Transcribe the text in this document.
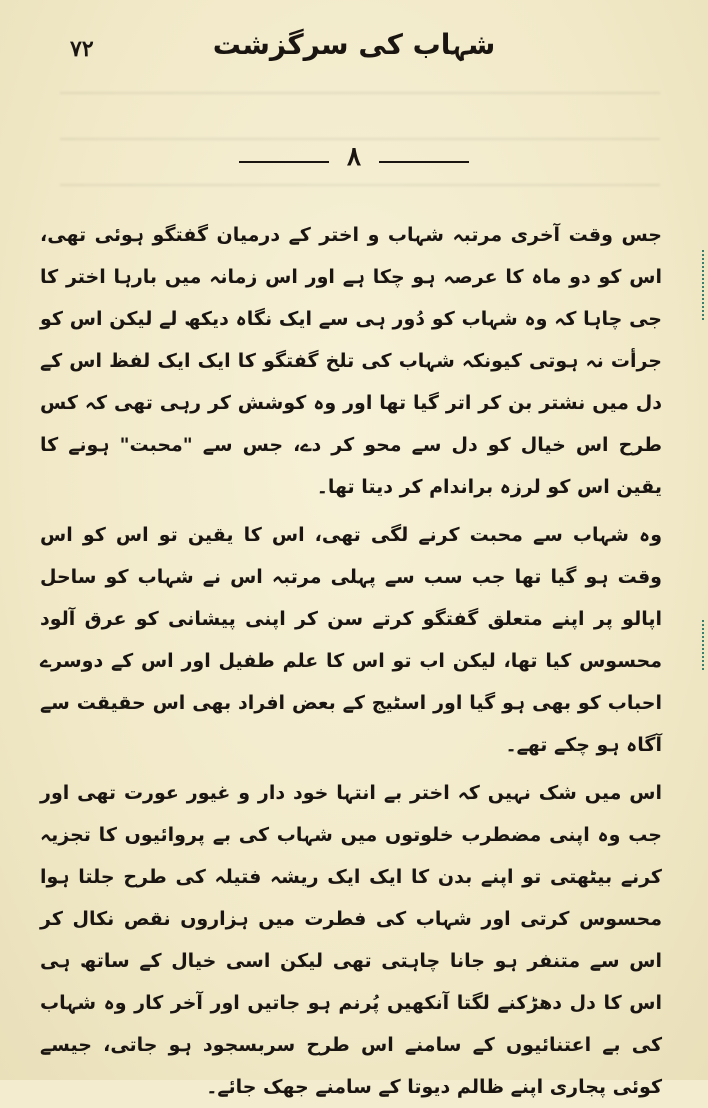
۷۲	شہاب کی سرگزشت
۸

جس وقت آخری مرتبہ شہاب و اختر کے درمیان گفتگو ہوئی تھی، اس کو دو ماہ کا عرصہ ہو چکا ہے اور اس زمانہ میں بارہا اختر کا جی چاہا کہ وہ شہاب کو دُور ہی سے ایک نگاہ دیکھ لے لیکن اس کو جرأت نہ ہوتی کیونکہ شہاب کی تلخ گفتگو کا ایک ایک لفظ اس کے دل میں نشتر بن کر اتر گیا تھا اور وہ کوشش کر رہی تھی کہ کس طرح اس خیال کو دل سے محو کر دے، جس سے "محبت" ہونے کا یقین اس کو لرزہ براندام کر دیتا تھا۔

وہ شہاب سے محبت کرنے لگی تھی، اس کا یقین تو اس کو اس وقت ہو گیا تھا جب سب سے پہلی مرتبہ اس نے شہاب کو ساحل اپالو پر اپنے متعلق گفتگو کرتے سن کر اپنی پیشانی کو عرق آلود محسوس کیا تھا، لیکن اب تو اس کا علم طفیل اور اس کے دوسرے احباب کو بھی ہو گیا اور اسٹیج کے بعض افراد بھی اس حقیقت سے آگاہ ہو چکے تھے۔

اس میں شک نہیں کہ اختر بے انتہا خود دار و غیور عورت تھی اور جب وہ اپنی مضطرب خلوتوں میں شہاب کی بے پروائیوں کا تجزیہ کرنے بیٹھتی تو اپنے بدن کا ایک ایک ریشہ فتیلہ کی طرح جلتا ہوا محسوس کرتی اور شہاب کی فطرت میں ہزاروں نقص نکال کر اس سے متنفر ہو جانا چاہتی تھی لیکن اسی خیال کے ساتھ ہی اس کا دل دھڑکنے لگتا آنکھیں پُرنم ہو جاتیں اور آخر کار وہ شہاب کی بے اعتنائیوں کے سامنے اس طرح سربسجود ہو جاتی، جیسے کوئی پجاری اپنے ظالم دیوتا کے سامنے جھک جائے۔
